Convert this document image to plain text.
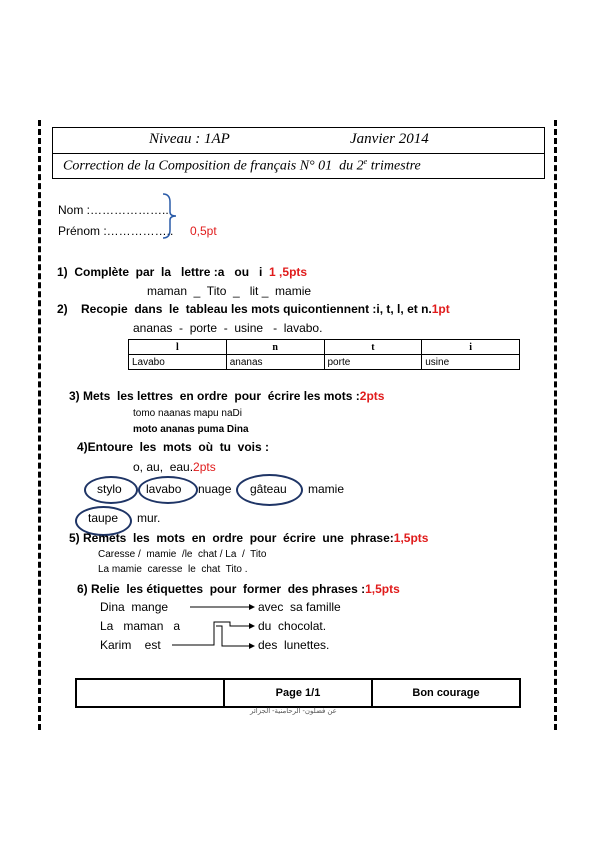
Niveau : 1AP	Janvier 2014
Correction de la Composition de français N° 01  du 2e trimestre
Nom :………………..
Prénom :…………….. 0,5pt
1)  Complète  par  la   lettre :a   ou   i  1 ,5pts
maman  _  Tito  _   lit _  mamie
2)    Recopie  dans  le  tableau les mots quicontiennent :i, t, l, et n.1pt
ananas  -  porte  -  usine   -  lavabo.
l	n	t	i
Lavabo	ananas	porte	usine
3) Mets  les lettres  en ordre  pour  écrire les mots :2pts
tomo naanas mapu naDi
moto ananas puma Dina
4)Entoure  les  mots  où  tu  vois :
o, au,  eau.2pts
stylo lavabo nuage gâteau mamie
taupe mur.
5) Remets  les  mots  en  ordre  pour  écrire  une  phrase:1,5pts
Caresse /  mamie  /le  chat / La  /  Tito
La mamie  caresse  le  chat  Tito .
6) Relie  les étiquettes  pour  former  des phrases :1,5pts
Dina  mange
La   maman   a
Karim    est
avec  sa famille
du  chocolat.
des  lunettes.
Page 1/1	Bon courage
عن فضلون- الرحامنية- الجزائر
